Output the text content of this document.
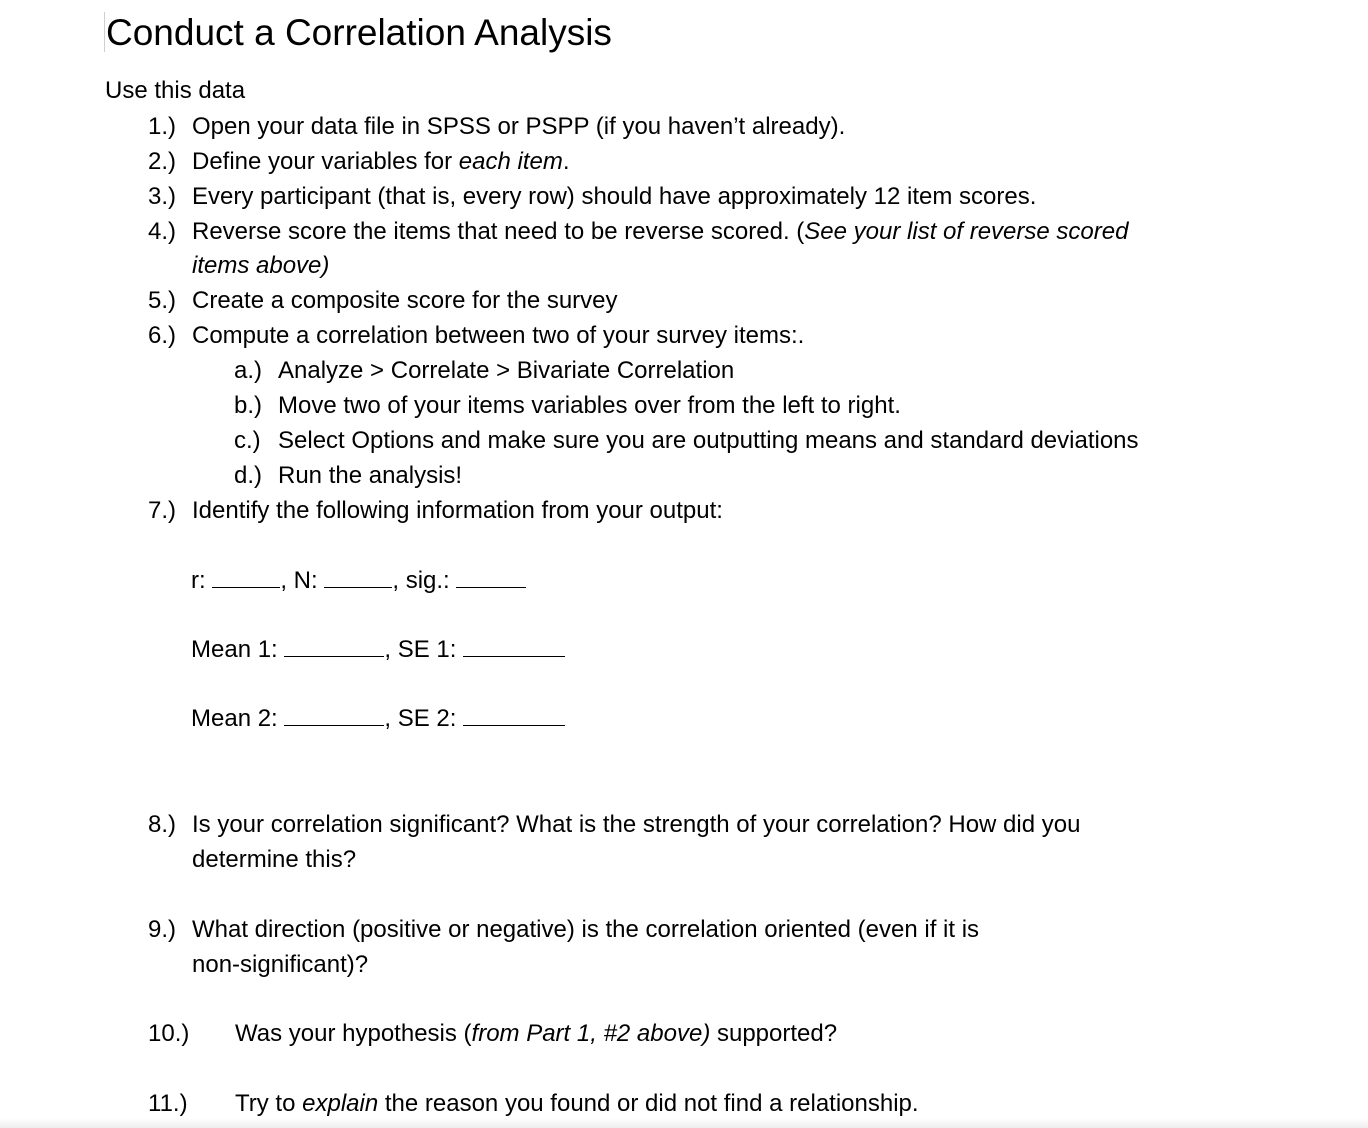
Conduct a Correlation Analysis
Use this data
1.) Open your data file in SPSS or PSPP (if you haven’t already).
2.) Define your variables for each item.
3.) Every participant (that is, every row) should have approximately 12 item scores.
4.) Reverse score the items that need to be reverse scored. (See your list of reverse scored
items above)
5.) Create a composite score for the survey
6.) Compute a correlation between two of your survey items:.
a.) Analyze > Correlate > Bivariate Correlation
b.) Move two of your items variables over from the left to right.
c.) Select Options and make sure you are outputting means and standard deviations
d.) Run the analysis!
7.) Identify the following information from your output:
r:	, N:	, sig.:
Mean 1:	, SE 1:
Mean 2:	, SE 2:
8.) Is your correlation significant? What is the strength of your correlation? How did you
determine this?
9.) What direction (positive or negative) is the correlation oriented (even if it is
non-significant)?
10.) Was your hypothesis (from Part 1, #2 above) supported?
11.) Try to explain the reason you found or did not find a relationship.
